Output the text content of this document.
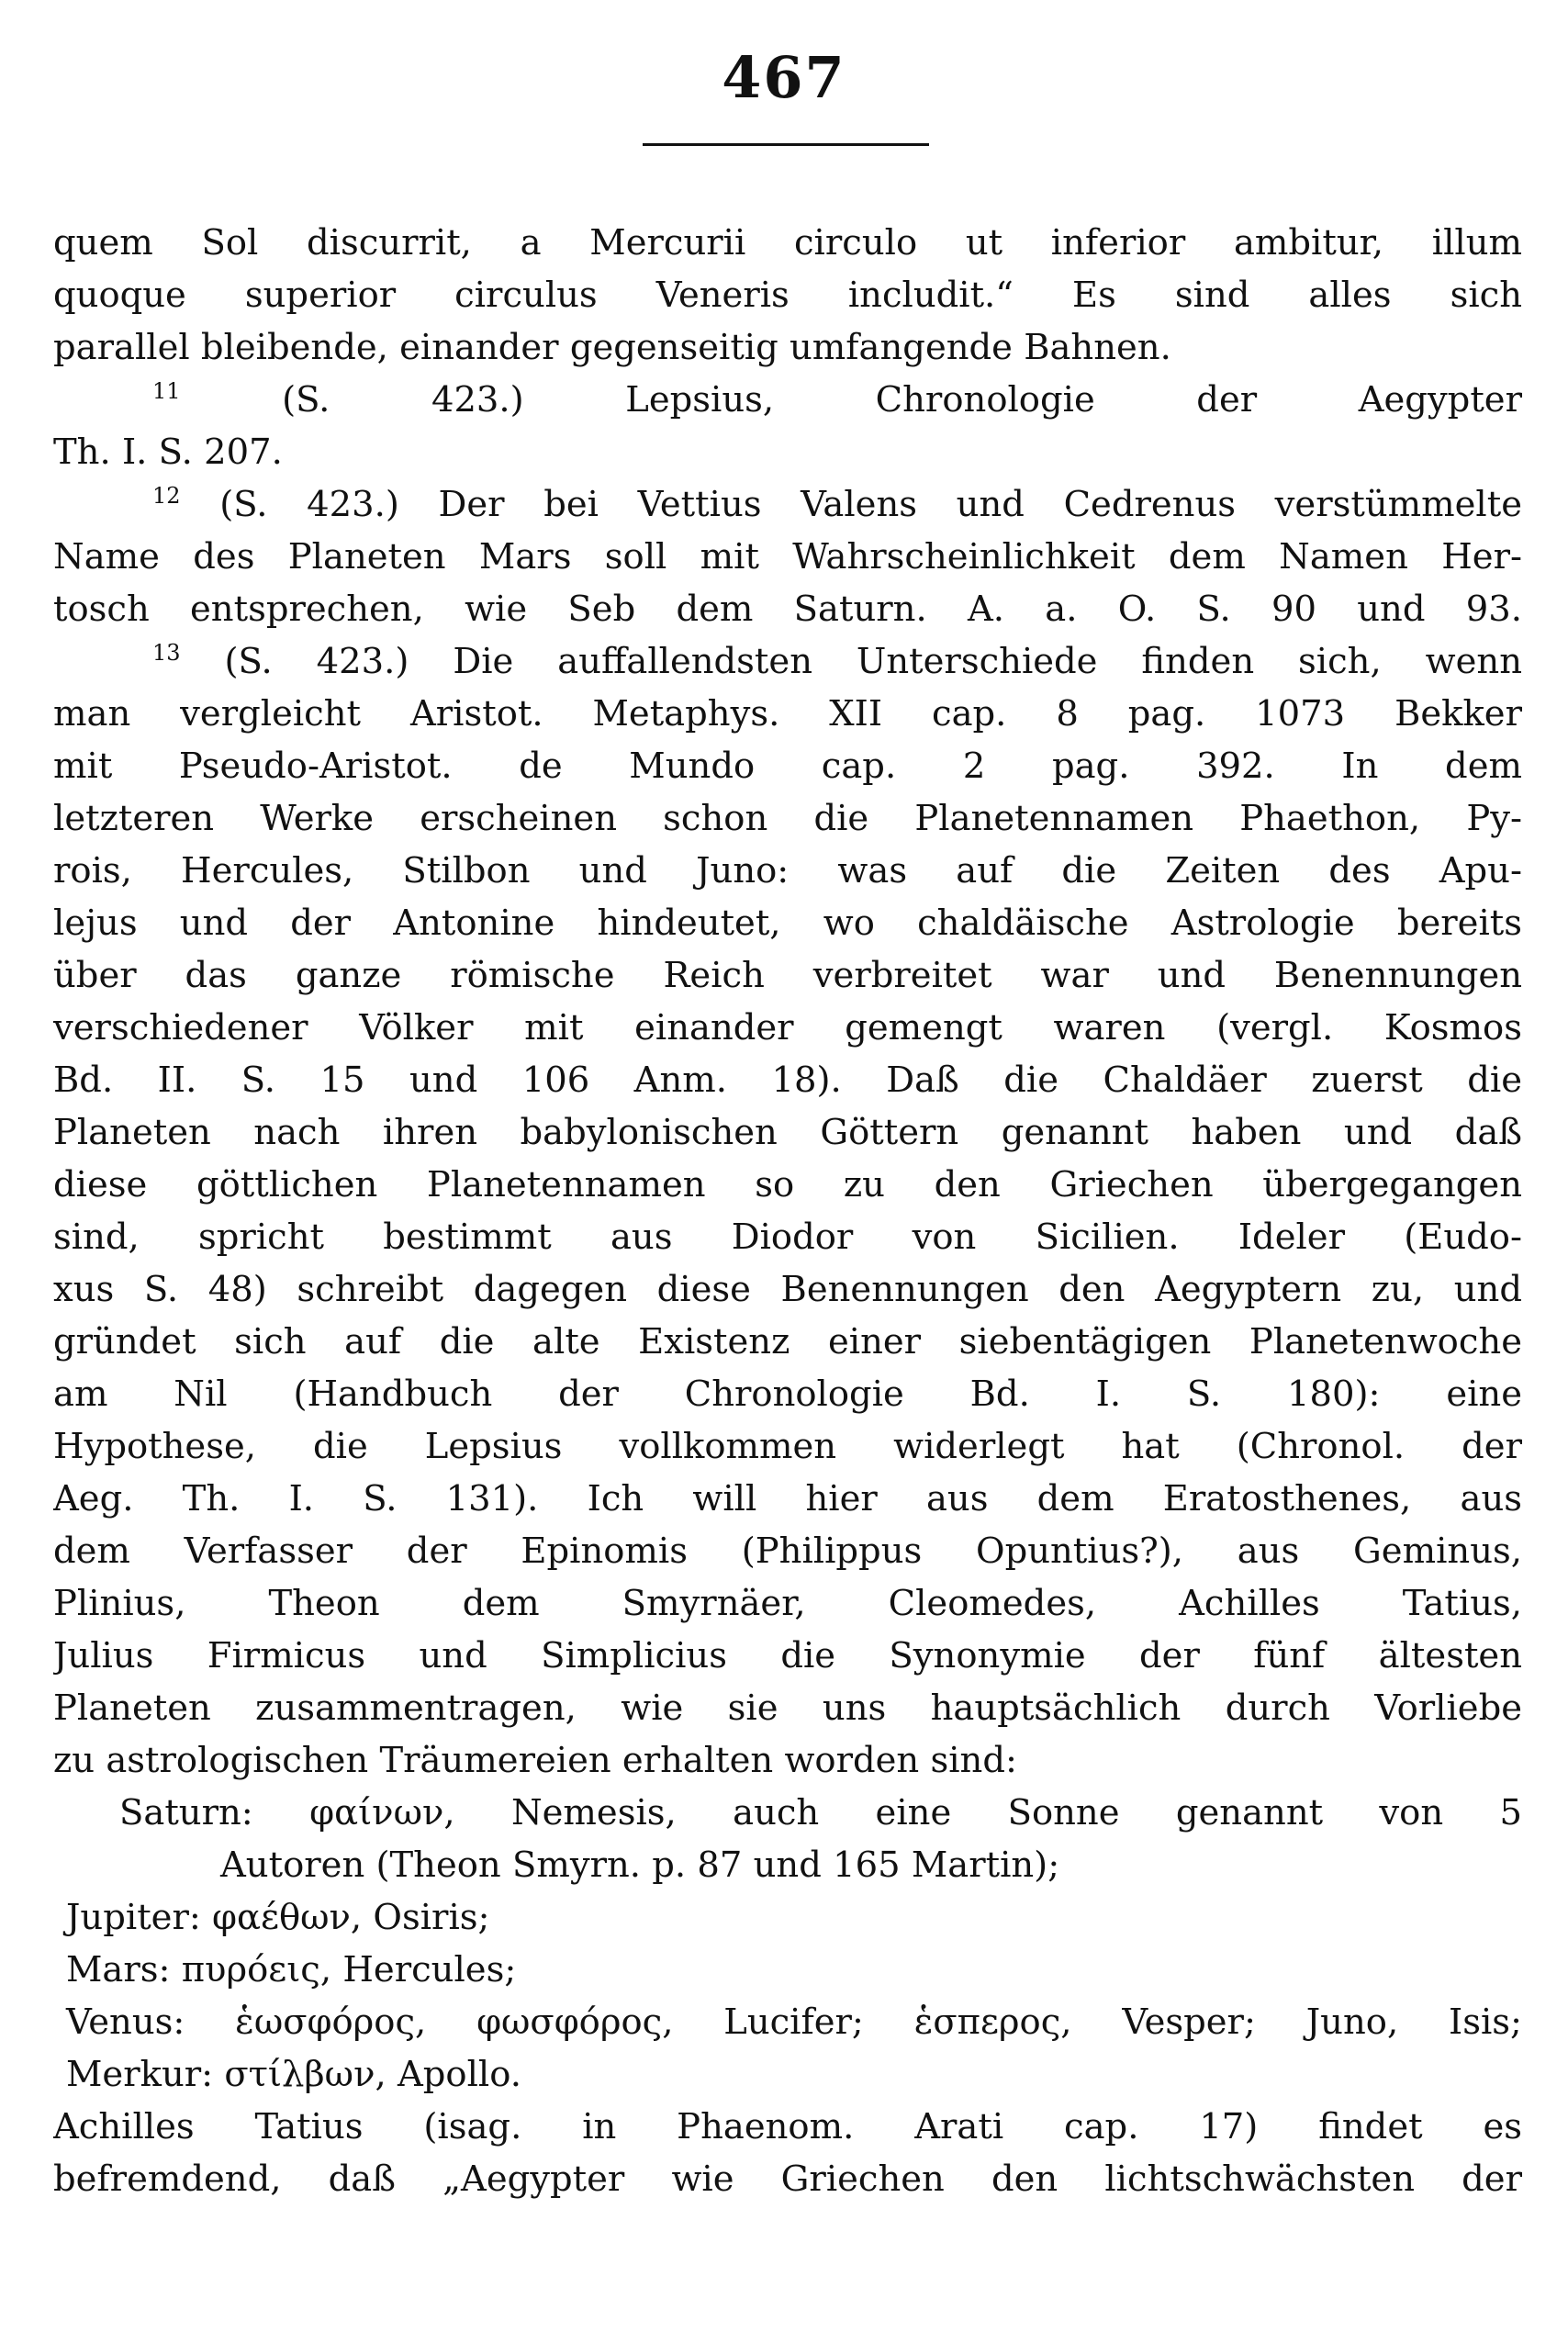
467
quem Sol discurrit, a Mercurii circulo ut inferior ambitur, illum
quoque superior circulus Veneris includit.“ Es sind alles sich
parallel bleibende, einander gegenseitig umfangende Bahnen.
$^{11}$ (S. 423.) Lepsius, Chronologie der Aegypter
Th. I. S. 207.
$^{12}$ (S. 423.) Der bei Vettius Valens und Cedrenus verstümmelte
Name des Planeten Mars soll mit Wahrscheinlichkeit dem Namen Her-
tosch entsprechen, wie Seb dem Saturn. A. a. O. S. 90 und 93.
$^{13}$ (S. 423.) Die auffallendsten Unterschiede finden sich, wenn
man vergleicht Aristot. Metaphys. XII cap. 8 pag. 1073 Bekker
mit Pseudo-Aristot. de Mundo cap. 2 pag. 392. In dem
letzteren Werke erscheinen schon die Planetennamen Phaethon, Py-
rois, Hercules, Stilbon und Juno: was auf die Zeiten des Apu-
lejus und der Antonine hindeutet, wo chaldäische Astrologie bereits
über das ganze römische Reich verbreitet war und Benennungen
verschiedener Völker mit einander gemengt waren (vergl. Kosmos
Bd. II. S. 15 und 106 Anm. 18). Daß die Chaldäer zuerst die
Planeten nach ihren babylonischen Göttern genannt haben und daß
diese göttlichen Planetennamen so zu den Griechen übergegangen
sind, spricht bestimmt aus Diodor von Sicilien. Ideler (Eudo-
xus S. 48) schreibt dagegen diese Benennungen den Aegyptern zu, und
gründet sich auf die alte Existenz einer siebentägigen Planetenwoche
am Nil (Handbuch der Chronologie Bd. I. S. 180): eine
Hypothese, die Lepsius vollkommen widerlegt hat (Chronol. der
Aeg. Th. I. S. 131). Ich will hier aus dem Eratosthenes, aus
dem Verfasser der Epinomis (Philippus Opuntius?), aus Geminus,
Plinius, Theon dem Smyrnäer, Cleomedes, Achilles Tatius,
Julius Firmicus und Simplicius die Synonymie der fünf ältesten
Planeten zusammentragen, wie sie uns hauptsächlich durch Vorliebe
zu astrologischen Träumereien erhalten worden sind:
Saturn: φαίνων, Nemesis, auch eine Sonne genannt von 5
Autoren (Theon Smyrn. p. 87 und 165 Martin);
Jupiter: φαέθων, Osiris;
Mars: πυρόεις, Hercules;
Venus: ἑωσφόρος, φωσφόρος, Lucifer; ἑσπερος, Vesper; Juno, Isis;
Merkur: στίλβων, Apollo.
Achilles Tatius (isag. in Phaenom. Arati cap. 17) findet es
befremdend, daß „Aegypter wie Griechen den lichtschwächsten der
